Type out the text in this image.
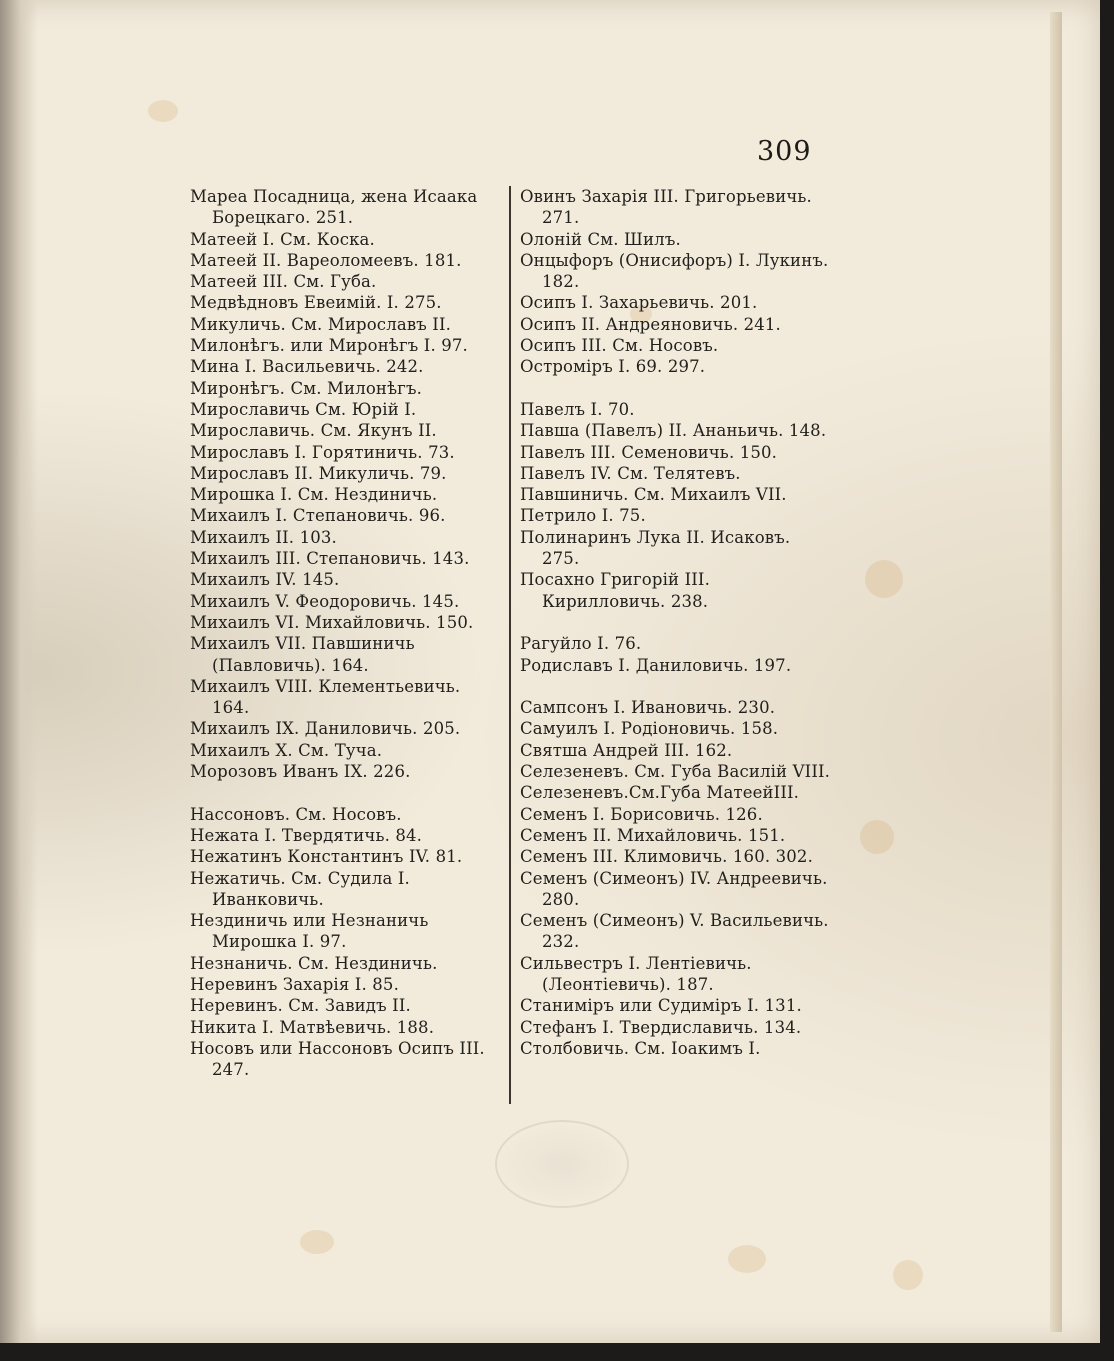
309
Мареа Посадница, жена Исаака Борецкаго. 251.
Матеей I. См. Коска.
Матеей II. Вареоломеевъ. 181.
Матеей III. См. Губа.
Медвѣдновъ Евеимій. I. 275.
Микуличь. См. Мирославъ II.
Милонѣгъ. или Миронѣгъ I. 97.
Мина I. Васильевичь. 242.
Миронѣгъ. См. Милонѣгъ.
Мирославичь См. Юрій I.
Мирославичь. См. Якунъ II.
Мирославъ I. Горятиничь. 73.
Мирославъ II. Микуличь. 79.
Мирошка I. См. Нездиничь.
Михаилъ I. Степановичь. 96.
Михаилъ II. 103.
Михаилъ III. Степановичь. 143.
Михаилъ IV. 145.
Михаилъ V. Феодоровичь. 145.
Михаилъ VI. Михайловичь. 150.
Михаилъ VII. Павшиничь (Павловичь). 164.
Михаилъ VIII. Клементьевичь. 164.
Михаилъ IX. Даниловичь. 205.
Михаилъ X. См. Туча.
Морозовъ Иванъ IX. 226.
Нассоновъ. См. Носовъ.
Нежата I. Твердятичь. 84.
Нежатинъ Константинъ IV. 81.
Нежатичь. См. Судила I. Иванковичь.
Нездиничь или Незнаничь Мирошка I. 97.
Незнаничь. См. Нездиничь.
Неревинъ Захарія I. 85.
Неревинъ. См. Завидъ II.
Никита I. Матвѣевичь. 188.
Носовъ или Нассоновъ Осипъ III. 247.
Овинъ Захарія III. Григорьевичь. 271.
Олоній См. Шилъ.
Онцыфоръ (Онисифоръ) I. Лукинъ. 182.
Осипъ I. Захарьевичь. 201.
Осипъ II. Андреяновичь. 241.
Осипъ III. См. Носовъ.
Остроміръ I. 69. 297.
Павелъ I. 70.
Павша (Павелъ) II. Ананьичь. 148.
Павелъ III. Семеновичь. 150.
Павелъ IV. См. Телятевъ.
Павшиничь. См. Михаилъ VII.
Петрило I. 75.
Полинаринъ Лука II. Исаковъ. 275.
Посахно Григорій III. Кирилловичь. 238.
Рагуйло I. 76.
Родиславъ I. Даниловичь. 197.
Сампсонъ I. Ивановичь. 230.
Самуилъ I. Родіоновичь. 158.
Святша Андрей III. 162.
Селезеневъ. См. Губа Василій VIII.
Селезеневъ.См.Губа МатеейIII.
Семенъ I. Борисовичь. 126.
Семенъ II. Михайловичь. 151.
Семенъ III. Климовичь. 160. 302.
Семенъ (Симеонъ) IV. Андреевичь. 280.
Семенъ (Симеонъ) V. Васильевичь. 232.
Сильвестръ I. Лентіевичь. (Леонтіевичь). 187.
Станиміръ или Судиміръ I. 131.
Стефанъ I. Твердиславичь. 134.
Столбовичь. См. Іоакимъ I.
